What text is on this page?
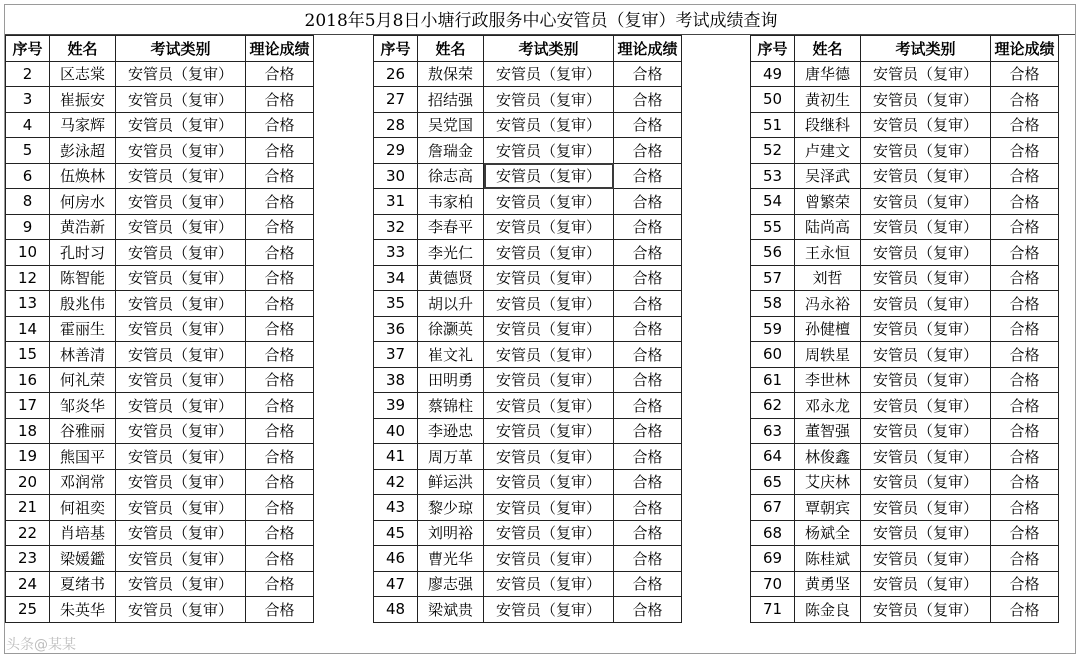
2018年5月8日小塘行政服务中心安管员（复审）考试成绩查询
序号	姓名	考试类别	理论成绩
2	区志棠	安管员（复审）	合格
3	崔振安	安管员（复审）	合格
4	马家辉	安管员（复审）	合格
5	彭泳超	安管员（复审）	合格
6	伍焕林	安管员（复审）	合格
8	何房水	安管员（复审）	合格
9	黄浩新	安管员（复审）	合格
10	孔时习	安管员（复审）	合格
12	陈智能	安管员（复审）	合格
13	殷兆伟	安管员（复审）	合格
14	霍丽生	安管员（复审）	合格
15	林善清	安管员（复审）	合格
16	何礼荣	安管员（复审）	合格
17	邹炎华	安管员（复审）	合格
18	谷雅丽	安管员（复审）	合格
19	熊国平	安管员（复审）	合格
20	邓润常	安管员（复审）	合格
21	何祖奕	安管员（复审）	合格
22	肖培基	安管员（复审）	合格
23	梁媛鑑	安管员（复审）	合格
24	夏绪书	安管员（复审）	合格
25	朱英华	安管员（复审）	合格
序号	姓名	考试类别	理论成绩
26	敖保荣	安管员（复审）	合格
27	招结强	安管员（复审）	合格
28	吴党国	安管员（复审）	合格
29	詹瑞金	安管员（复审）	合格
30	徐志高	安管员（复审）	合格
31	韦家柏	安管员（复审）	合格
32	李春平	安管员（复审）	合格
33	李光仁	安管员（复审）	合格
34	黄德贤	安管员（复审）	合格
35	胡以升	安管员（复审）	合格
36	徐灏英	安管员（复审）	合格
37	崔文礼	安管员（复审）	合格
38	田明勇	安管员（复审）	合格
39	蔡锦柱	安管员（复审）	合格
40	李逊忠	安管员（复审）	合格
41	周万革	安管员（复审）	合格
42	鲜运洪	安管员（复审）	合格
43	黎少琼	安管员（复审）	合格
45	刘明裕	安管员（复审）	合格
46	曹光华	安管员（复审）	合格
47	廖志强	安管员（复审）	合格
48	梁斌贵	安管员（复审）	合格
序号	姓名	考试类别	理论成绩
49	唐华德	安管员（复审）	合格
50	黄初生	安管员（复审）	合格
51	段继科	安管员（复审）	合格
52	卢建文	安管员（复审）	合格
53	吴泽武	安管员（复审）	合格
54	曾繁荣	安管员（复审）	合格
55	陆尚高	安管员（复审）	合格
56	王永恒	安管员（复审）	合格
57	刘哲	安管员（复审）	合格
58	冯永裕	安管员（复审）	合格
59	孙健檀	安管员（复审）	合格
60	周轶星	安管员（复审）	合格
61	李世林	安管员（复审）	合格
62	邓永龙	安管员（复审）	合格
63	董智强	安管员（复审）	合格
64	林俊鑫	安管员（复审）	合格
65	艾庆林	安管员（复审）	合格
67	覃朝宾	安管员（复审）	合格
68	杨斌全	安管员（复审）	合格
69	陈桂斌	安管员（复审）	合格
70	黄勇坚	安管员（复审）	合格
71	陈金良	安管员（复审）	合格
头条@某某
